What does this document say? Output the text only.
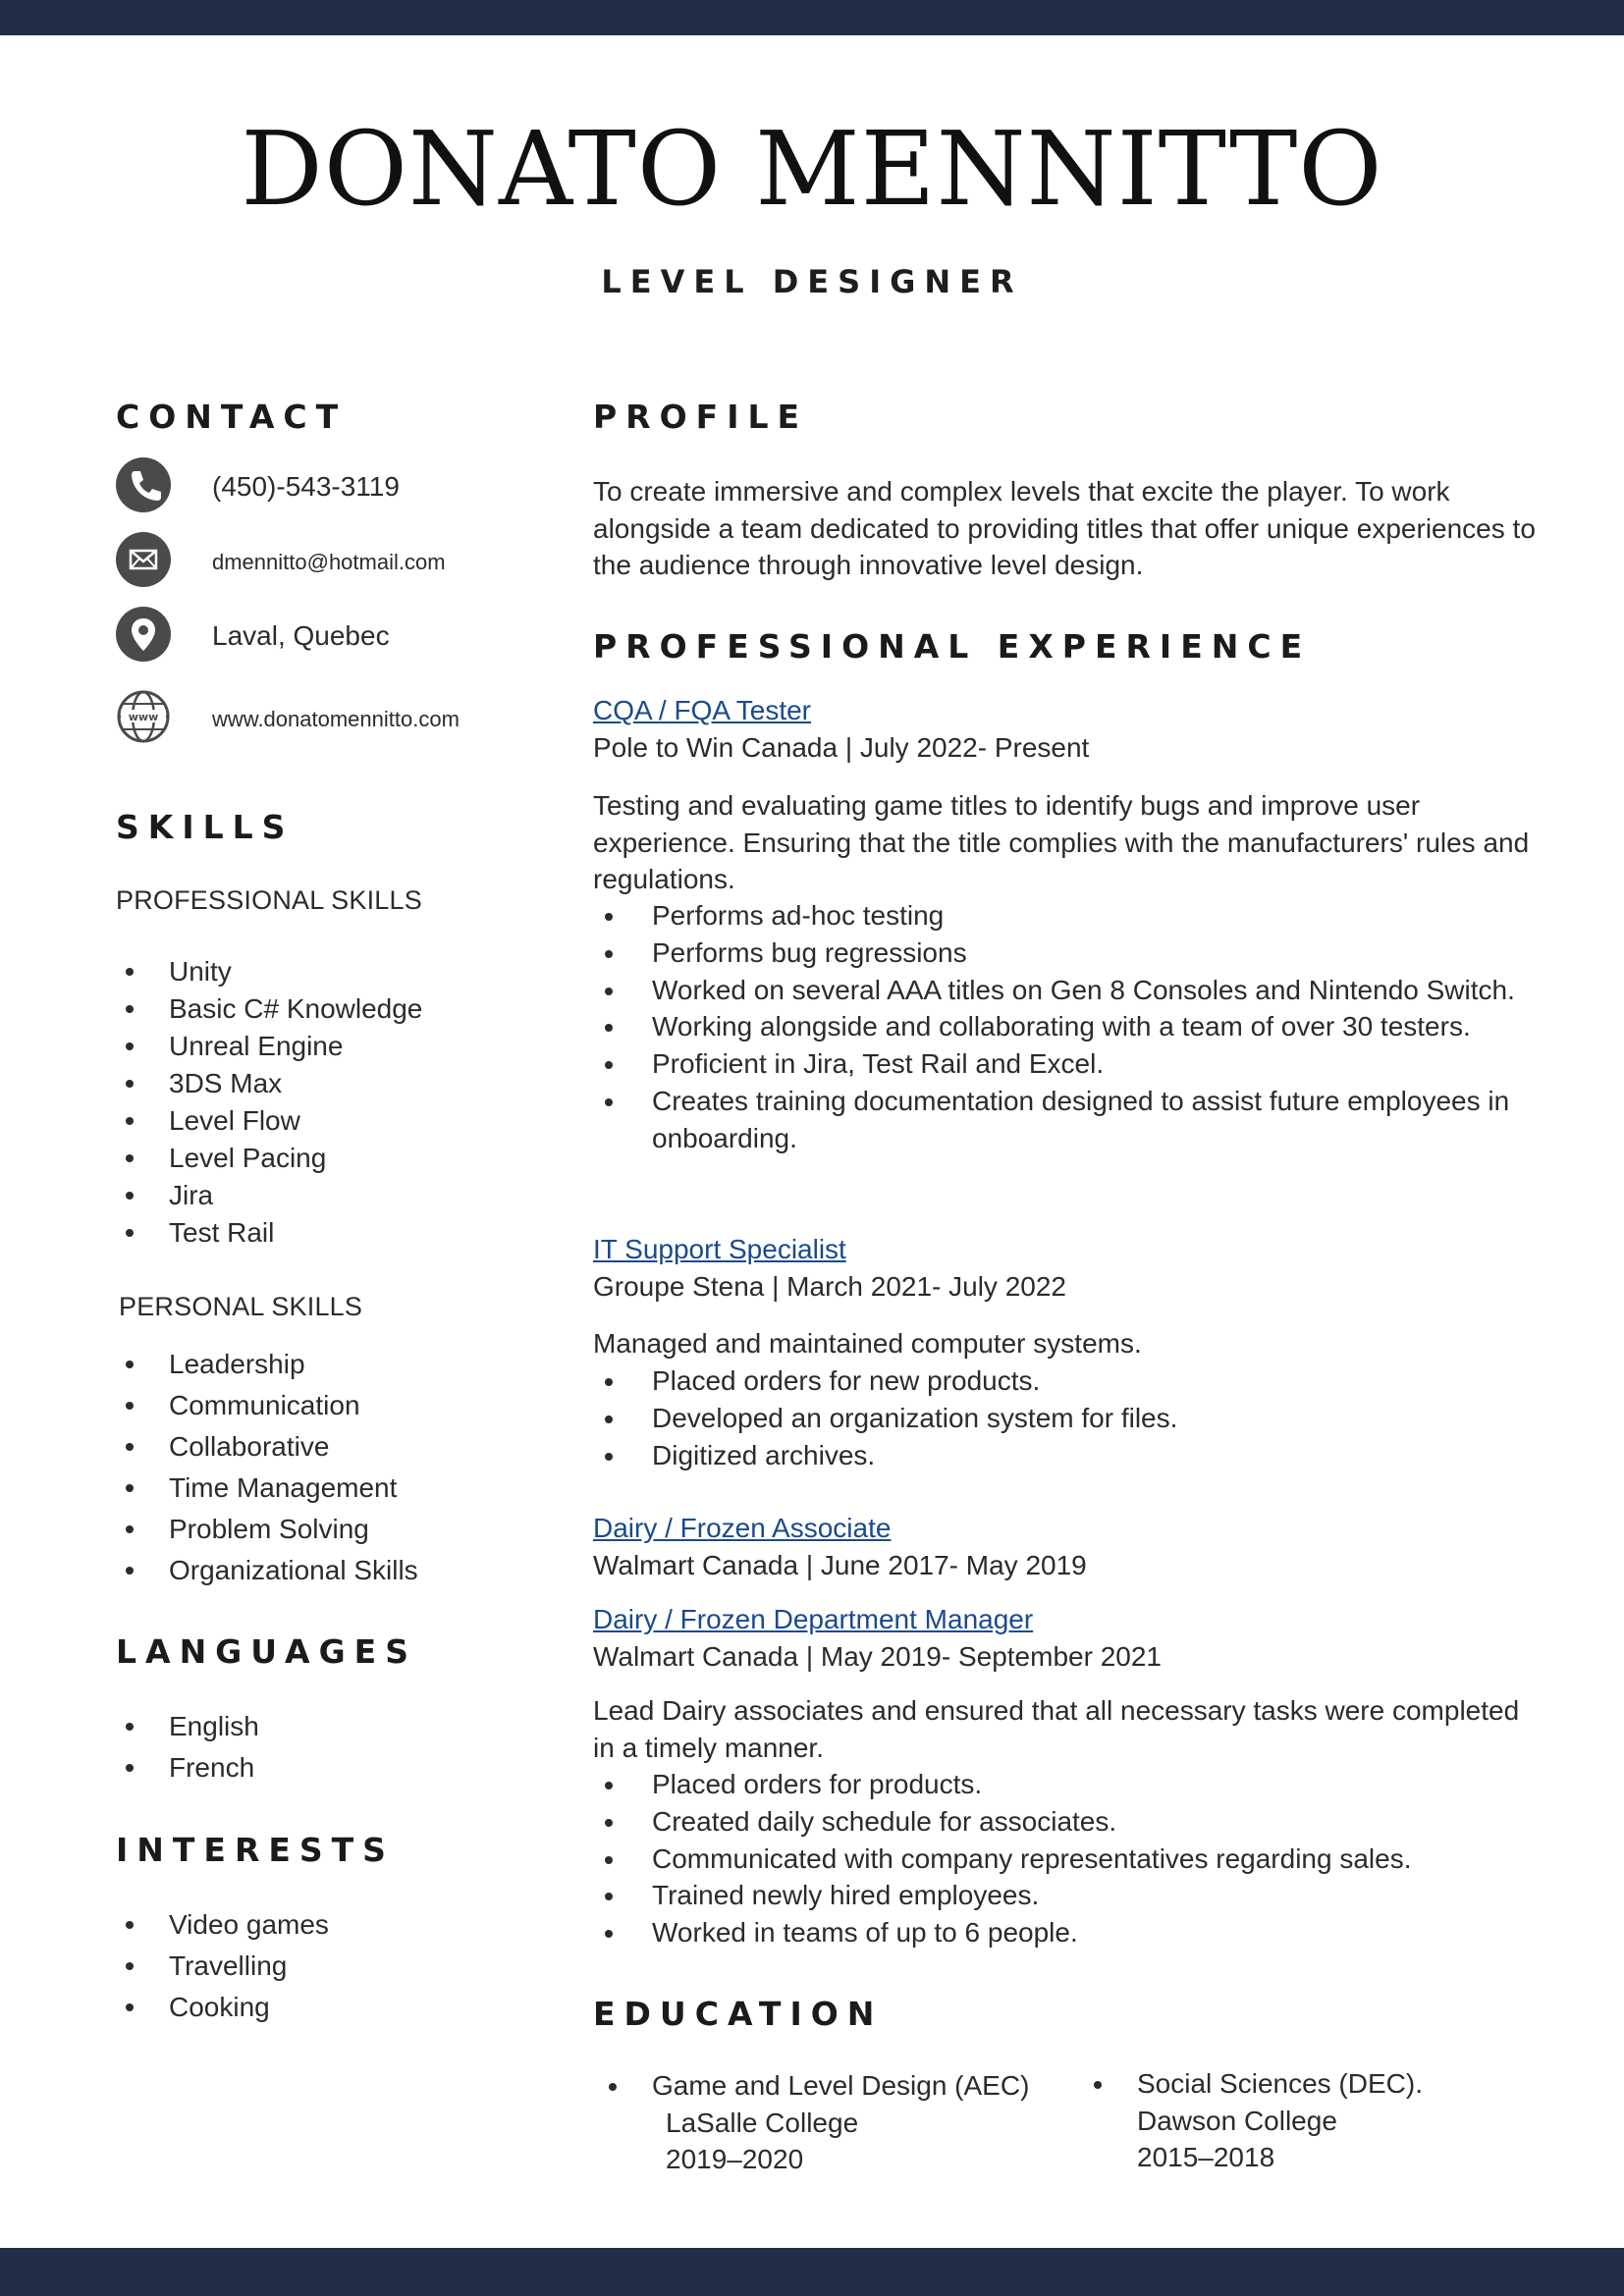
DONATO MENNITTO
LEVEL DESIGNER
CONTACT
(450)-543-3119
dmennitto@hotmail.com
Laval, Quebec
www www.donatomennitto.com
SKILLS
PROFESSIONAL SKILLS
Unity
Basic C# Knowledge
Unreal Engine
3DS Max
Level Flow
Level Pacing
Jira
Test Rail
PERSONAL SKILLS
Leadership
Communication
Collaborative
Time Management
Problem Solving
Organizational Skills
LANGUAGES
English
French
INTERESTS
Video games
Travelling
Cooking
PROFILE

To create immersive and complex levels that excite the player. To work alongside a team dedicated to providing titles that offer unique experiences to the audience through innovative level design.

PROFESSIONAL EXPERIENCE
CQA / FQA Tester
Pole to Win Canada | July 2022- Present

Testing and evaluating game titles to identify bugs and improve user experience. Ensuring that the title complies with the manufacturers' rules and regulations.

Performs ad-hoc testing
Performs bug regressions
Worked on several AAA titles on Gen 8 Consoles and Nintendo Switch.
Working alongside and collaborating with a team of over 30 testers.
Proficient in Jira, Test Rail and Excel.
Creates training documentation designed to assist future employees in onboarding.
IT Support Specialist
Groupe Stena | March 2021- July 2022

Managed and maintained computer systems.

Placed orders for new products.
Developed an organization system for files.
Digitized archives.
Dairy / Frozen Associate
Walmart Canada | June 2017- May 2019
Dairy / Frozen Department Manager
Walmart Canada | May 2019- September 2021

Lead Dairy associates and ensured that all necessary tasks were completed in a timely manner.

Placed orders for products.
Created daily schedule for associates.
Communicated with company representatives regarding sales.
Trained newly hired employees.
Worked in teams of up to 6 people.
EDUCATION
Game and Level Design (AEC)
LaSalle College
2019–2020
Social Sciences (DEC).
Dawson College
2015–2018
